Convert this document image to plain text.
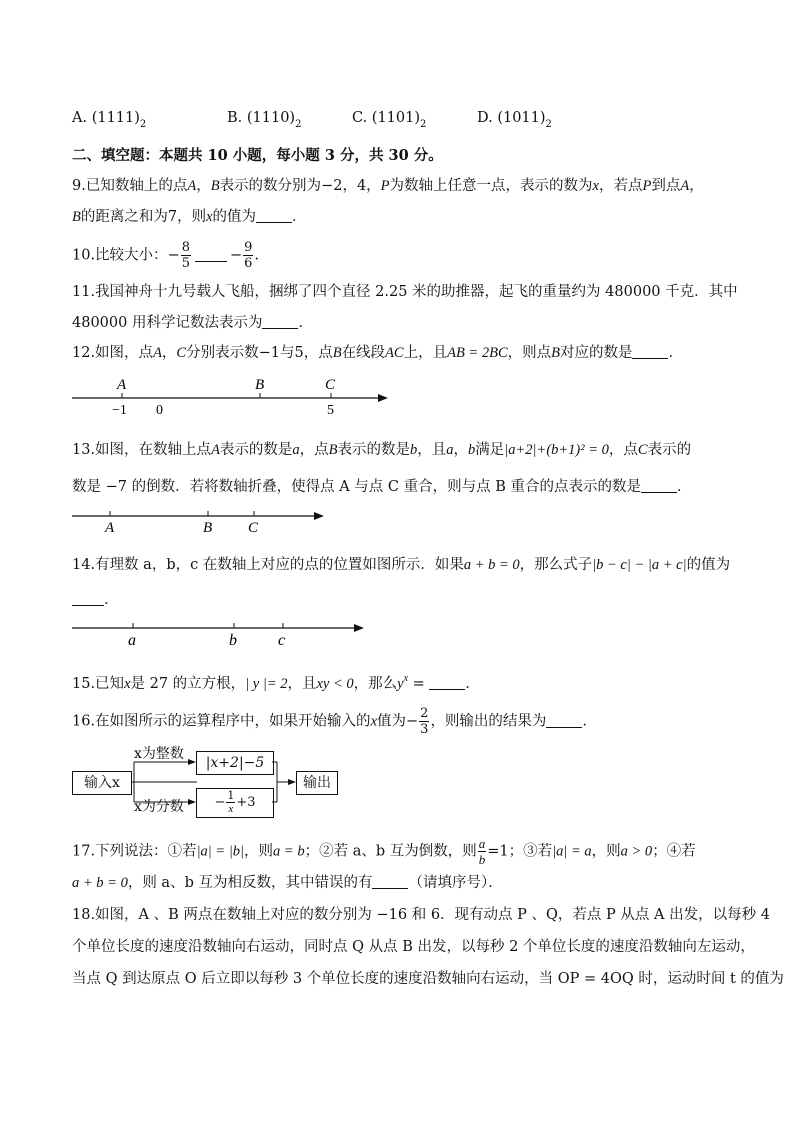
A. $(1111)_2$	B. $(1110)_2$	C. $(1101)_2$	D. $(1011)_2$
二、填空题：本题共 10 小题，每小题 3 分，共 30 分。
9.已知数轴上的点A，B表示的数分别为−2，4，P为数轴上任意一点，表示的数为x，若点P到点A，
B的距离之和为7，则x的值为 ．
10.比较大小：− $\frac{8}{5}$	− $\frac{9}{6}$ .
11.我国神舟十九号载人飞船，捆绑了四个直径 2.25 米的助推器，起飞的重量约为 480000 千克．其中
480000 用科学记数法表示为 ．
12.如图，点A，C分别表示数−1与5，点B在线段AC上，且AB = 2BC，则点B对应的数是 ．
A	B	C
−1 0	5
13.如图，在数轴上点A表示的数是a，点B表示的数是b，且a，b满足|a+2|+(b+1)² = 0，点C表示的
数是 −7 的倒数．若将数轴折叠，使得点 A 与点 C 重合，则与点 B 重合的点表示的数是 ．
A	B C
14.有理数 a，b，c 在数轴上对应的点的位置如图所示．如果a + b = 0，那么式子|b − c| − |a + c|的值为
．
a	b	c
15.已知x是 27 的立方根，| y |= 2，且xy < 0，那么$y^x$ =	．
16.在如图所示的运算程序中，如果开始输入的x值为− $\frac{2}{3}$ ，则输出的结果为 ．
输入x
x为整数
x为分数
|x+2|−5
− $\frac{1}{x} +3$
输出
17.下列说法：①若|a| = |b|，则a = b；②若 a、b 互为倒数，则 $\frac{a}{b} =1$；③若|a| = a，则a > 0；④若
a + b = 0，则 a、b 互为相反数，其中错误的有 （请填序号）．
18.如图，A 、B 两点在数轴上对应的数分别为 −16 和 6．现有动点 P 、Q，若点 P 从点 A 出发，以每秒 4
个单位长度的速度沿数轴向右运动，同时点 Q 从点 B 出发，以每秒 2 个单位长度的速度沿数轴向左运动，
当点 Q 到达原点 O 后立即以每秒 3 个单位长度的速度沿数轴向右运动，当 OP = 4OQ 时，运动时间 t 的值为
